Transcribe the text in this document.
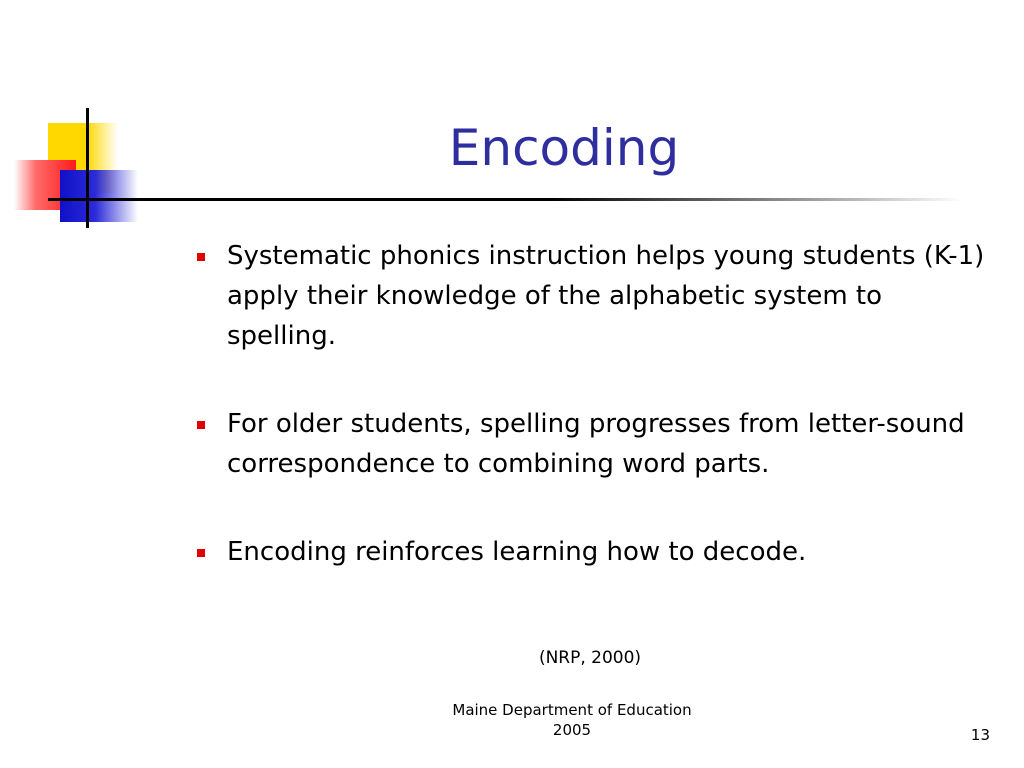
Encoding
Systematic phonics instruction helps young students (K-1) apply their knowledge of the alphabetic system to spelling.
For older students, spelling progresses from letter-sound correspondence to combining word parts.
Encoding reinforces learning how to decode.
(NRP, 2000)
Maine Department of Education
2005	13
